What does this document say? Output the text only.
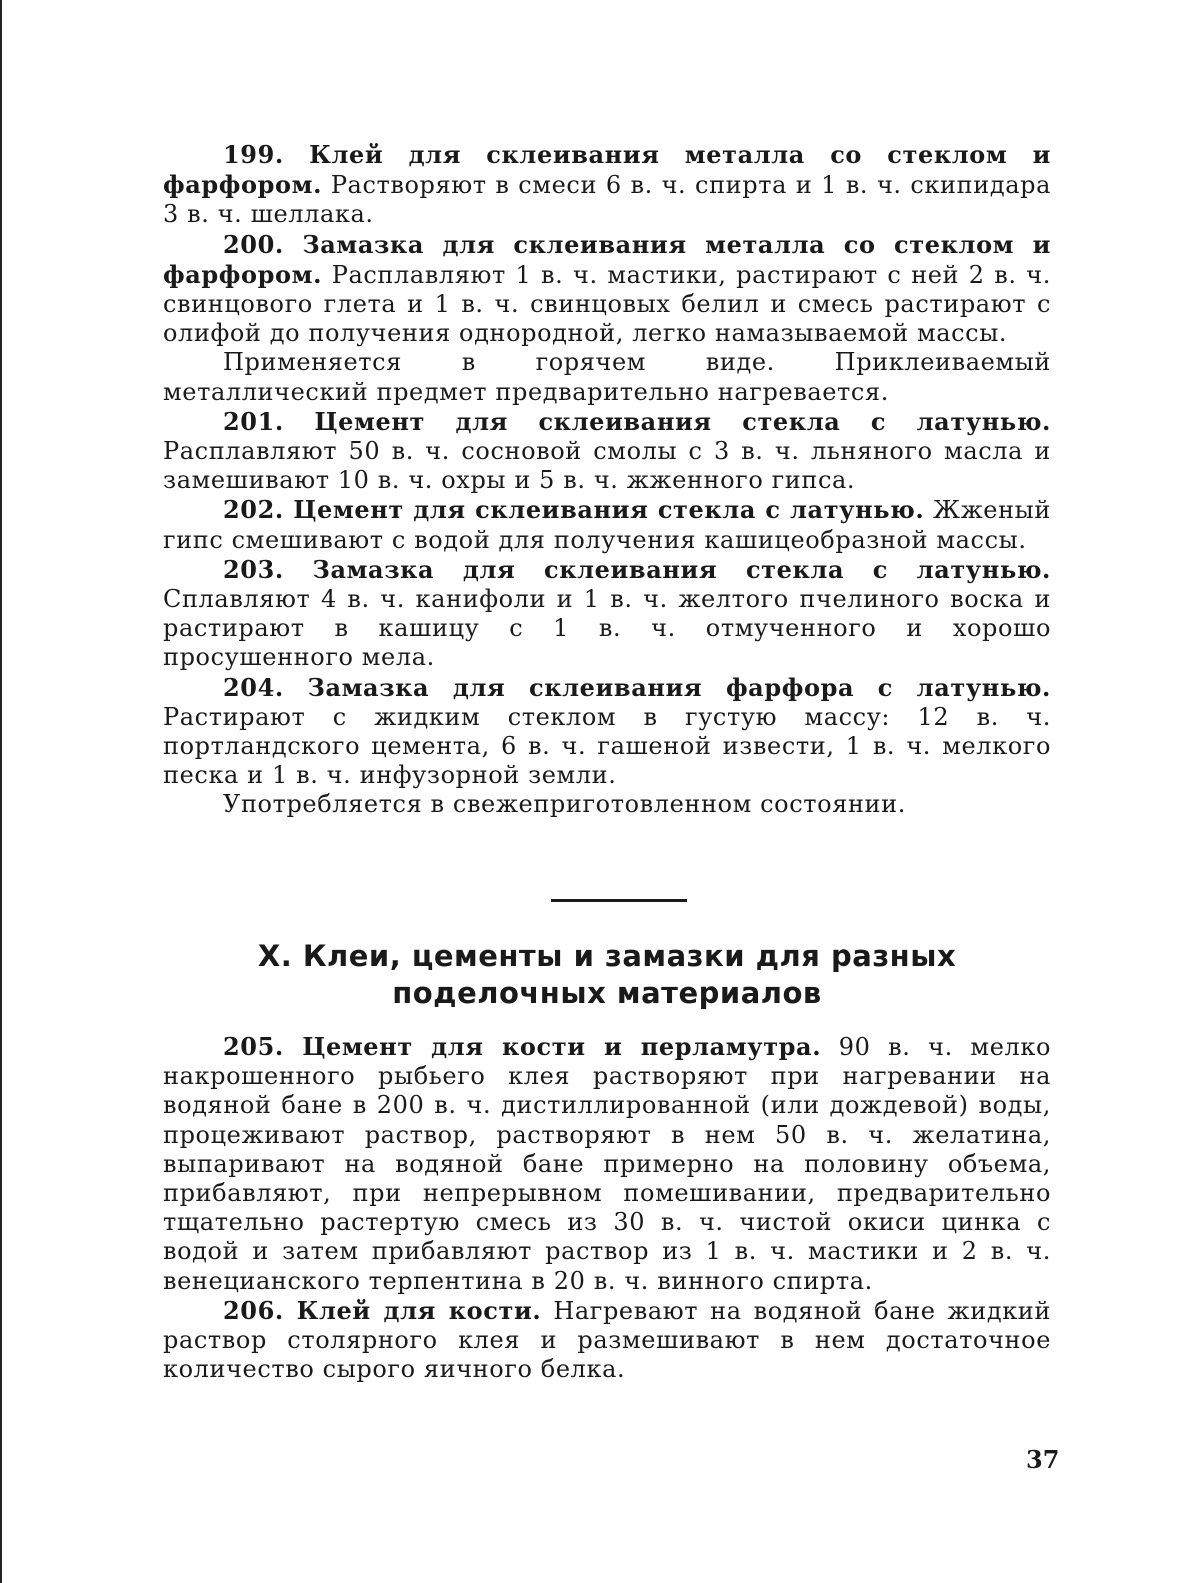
199. Клей для склеивания металла со стеклом и фарфором. Растворяют в смеси 6 в. ч. спирта и 1 в. ч. скипидара 3 в. ч. шеллака.

200. Замазка для склеивания металла со стеклом и фарфором. Расплавляют 1 в. ч. мастики, растирают с ней 2 в. ч. свинцового глета и 1 в. ч. свинцовых белил и смесь растирают с олифой до получения однородной, легко намазываемой массы.

Применяется в горячем виде. Приклеиваемый металлический предмет предварительно нагревается.

201. Цемент для склеивания стекла с латунью. Расплавляют 50 в. ч. сосновой смолы с 3 в. ч. льняного масла и замешивают 10 в. ч. охры и 5 в. ч. жженного гипса.

202. Цемент для склеивания стекла с латунью. Жженый гипс смешивают с водой для получения кашицеобразной массы.

203. Замазка для склеивания стекла с латунью. Сплавляют 4 в. ч. канифоли и 1 в. ч. желтого пчелиного воска и растирают в кашицу с 1 в. ч. отмученного и хорошо просушенного мела.

204. Замазка для склеивания фарфора с латунью. Растирают с жидким стеклом в густую массу: 12 в. ч. портландского цемента, 6 в. ч. гашеной извести, 1 в. ч. мелкого песка и 1 в. ч. инфузорной земли.

Употребляется в свежеприготовленном состоянии.

X. Клеи, цементы и замазки для разных поделочных материалов

205. Цемент для кости и перламутра. 90 в. ч. мелко накрошенного рыбьего клея растворяют при нагревании на водяной бане в 200 в. ч. дистиллированной (или дождевой) воды, процеживают раствор, растворяют в нем 50 в. ч. желатина, выпаривают на водяной бане примерно на половину объема, прибавляют, при непрерывном помешивании, предварительно тщательно растертую смесь из 30 в. ч. чистой окиси цинка с водой и затем прибавляют раствор из 1 в. ч. мастики и 2 в. ч. венецианского терпентина в 20 в. ч. винного спирта.

206. Клей для кости. Нагревают на водяной бане жидкий раствор столярного клея и размешивают в нем достаточное количество сырого яичного белка.

37
